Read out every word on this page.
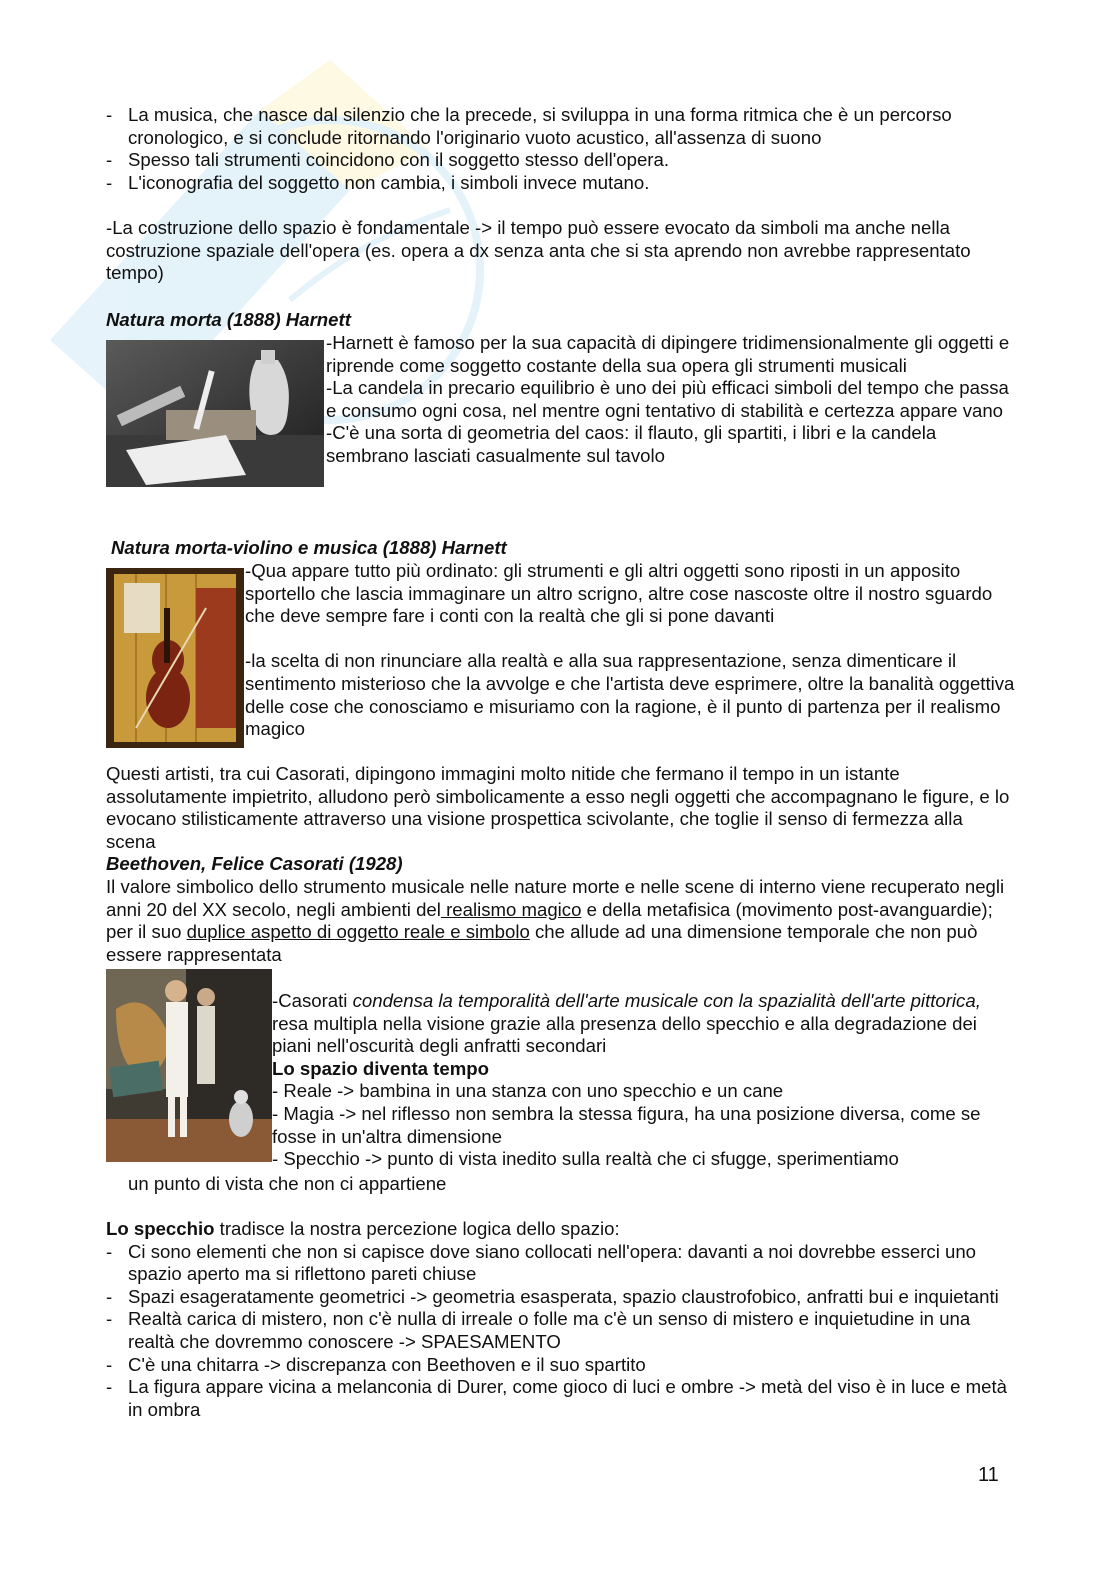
- La musica, che nasce dal silenzio che la precede, si sviluppa in una forma ritmica che è un percorso cronologico, e si conclude ritornando l'originario vuoto acustico, all'assenza di suono
- Spesso tali strumenti coincidono con il soggetto stesso dell'opera.
- L'iconografia del soggetto non cambia, i simboli invece mutano.

-La costruzione dello spazio è fondamentale -> il tempo può essere evocato da simboli ma anche nella costruzione spaziale dell'opera (es. opera a dx senza anta che si sta aprendo non avrebbe rappresentato tempo)

Natura morta (1888) Harnett

-Harnett è famoso per la sua capacità di dipingere tridimensionalmente gli oggetti e riprende come soggetto costante della sua opera gli strumenti musicali

-La candela in precario equilibrio è uno dei più efficaci simboli del tempo che passa e consumo ogni cosa, nel mentre ogni tentativo di stabilità e certezza appare vano

-C'è una sorta di geometria del caos: il flauto, gli spartiti, i libri e la candela sembrano lasciati casualmente sul tavolo

Natura morta-violino e musica (1888) Harnett

-Qua appare tutto più ordinato: gli strumenti e gli altri oggetti sono riposti in un apposito sportello che lascia immaginare un altro scrigno, altre cose nascoste oltre il nostro sguardo che deve sempre fare i conti con la realtà che gli si pone davanti

-la scelta di non rinunciare alla realtà e alla sua rappresentazione, senza dimenticare il sentimento misterioso che la avvolge e che l'artista deve esprimere, oltre la banalità oggettiva delle cose che conosciamo e misuriamo con la ragione, è il punto di partenza per il realismo magico

Questi artisti, tra cui Casorati, dipingono immagini molto nitide che fermano il tempo in un istante assolutamente impietrito, alludono però simbolicamente a esso negli oggetti che accompagnano le figure, e lo evocano stilisticamente attraverso una visione prospettica scivolante, che toglie il senso di fermezza alla scena

Beethoven, Felice Casorati (1928)

Il valore simbolico dello strumento musicale nelle nature morte e nelle scene di interno viene recuperato negli anni 20 del XX secolo, negli ambienti del realismo magico e della metafisica (movimento post-avanguardie); per il suo duplice aspetto di oggetto reale e simbolo che allude ad una dimensione temporale che non può essere rappresentata

-Casorati condensa la temporalità dell'arte musicale con la spazialità dell'arte pittorica, resa multipla nella visione grazie alla presenza dello specchio e alla degradazione dei piani nell'oscurità degli anfratti secondari

Lo spazio diventa tempo

- Reale -> bambina in una stanza con uno specchio e un cane

- Magia -> nel riflesso non sembra la stessa figura, ha una posizione diversa, come se fosse in un'altra dimensione

- Specchio -> punto di vista inedito sulla realtà che ci sfugge, sperimentiamo

un punto di vista che non ci appartiene

Lo specchio tradisce la nostra percezione logica dello spazio:

- Ci sono elementi che non si capisce dove siano collocati nell'opera: davanti a noi dovrebbe esserci uno spazio aperto ma si riflettono pareti chiuse
- Spazi esageratamente geometrici -> geometria esasperata, spazio claustrofobico, anfratti bui e inquietanti
- Realtà carica di mistero, non c'è nulla di irreale o folle ma c'è un senso di mistero e inquietudine in una realtà che dovremmo conoscere -> SPAESAMENTO
- C'è una chitarra -> discrepanza con Beethoven e il suo spartito
- La figura appare vicina a melanconia di Durer, come gioco di luci e ombre -> metà del viso è in luce e metà in ombra
11
